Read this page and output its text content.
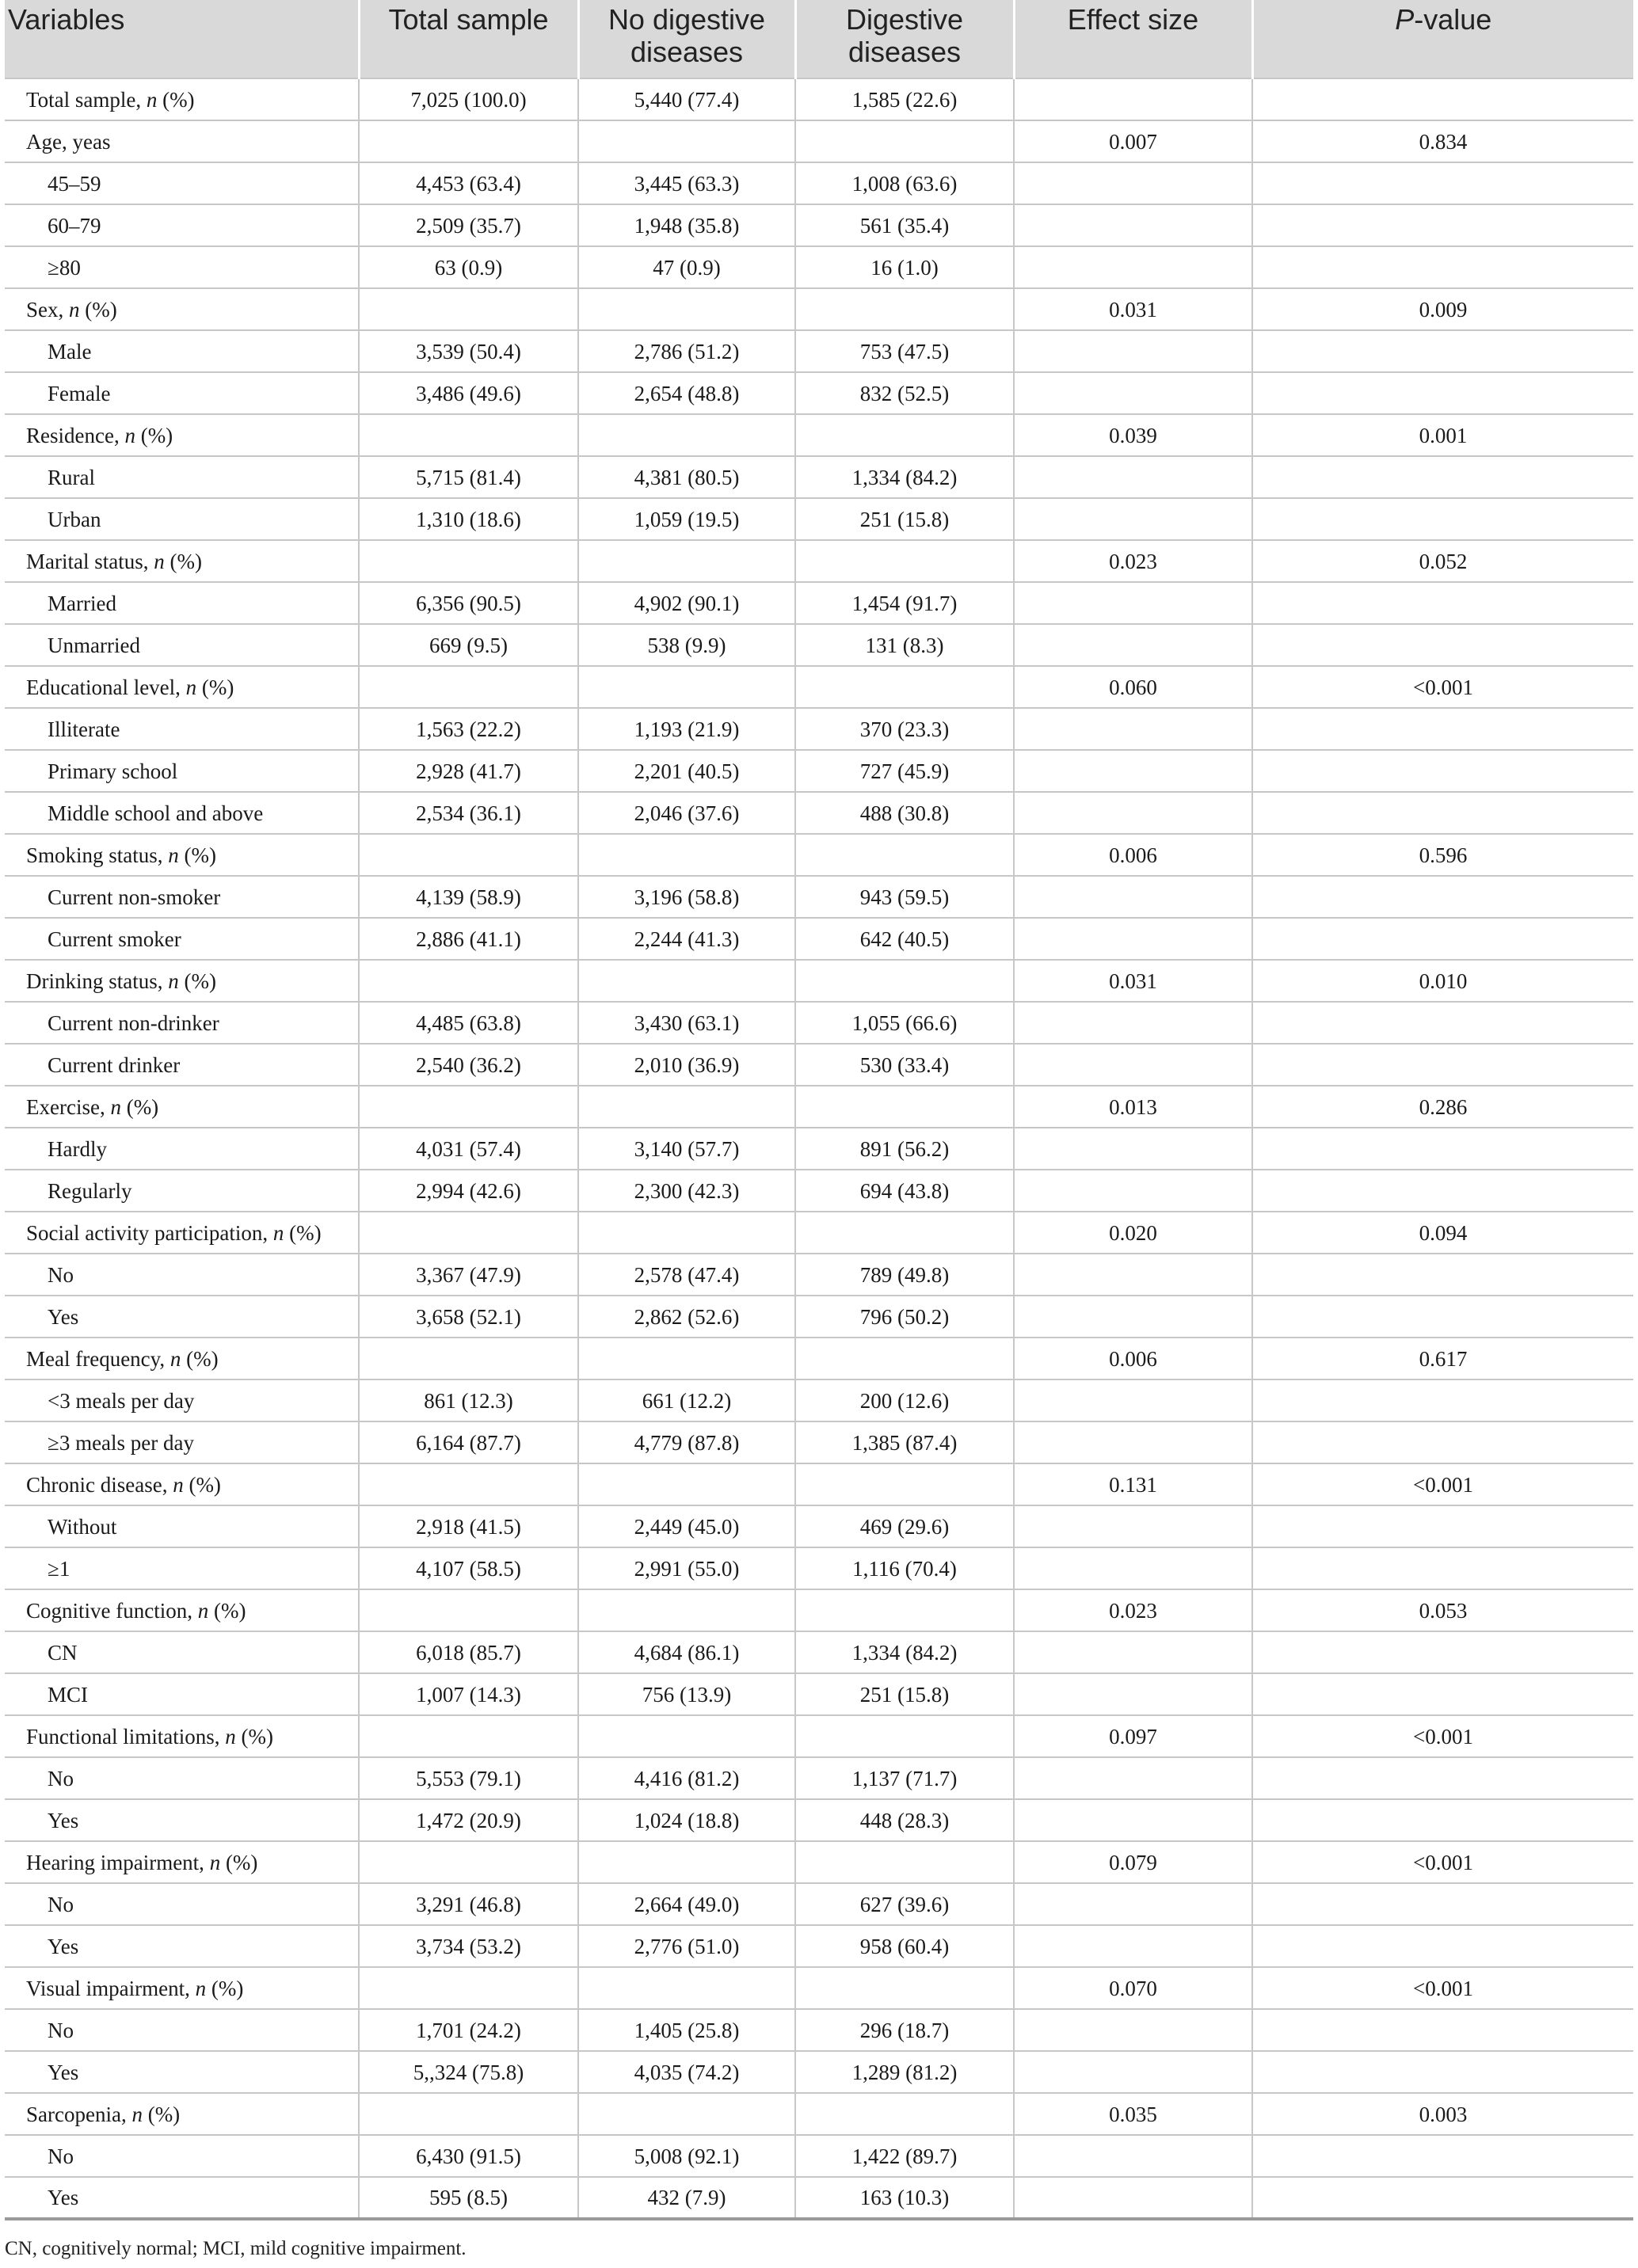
Variables	Total sample	No digestive diseases	Digestive diseases	Effect size	P-value
Total sample, n (%)	7,025 (100.0)	5,440 (77.4)	1,585 (22.6)		
Age, yeas				0.007	0.834
45–59	4,453 (63.4)	3,445 (63.3)	1,008 (63.6)		
60–79	2,509 (35.7)	1,948 (35.8)	561 (35.4)		
≥80	63 (0.9)	47 (0.9)	16 (1.0)		
Sex, n (%)				0.031	0.009
Male	3,539 (50.4)	2,786 (51.2)	753 (47.5)		
Female	3,486 (49.6)	2,654 (48.8)	832 (52.5)		
Residence, n (%)				0.039	0.001
Rural	5,715 (81.4)	4,381 (80.5)	1,334 (84.2)		
Urban	1,310 (18.6)	1,059 (19.5)	251 (15.8)		
Marital status, n (%)				0.023	0.052
Married	6,356 (90.5)	4,902 (90.1)	1,454 (91.7)		
Unmarried	669 (9.5)	538 (9.9)	131 (8.3)		
Educational level, n (%)				0.060	<0.001
Illiterate	1,563 (22.2)	1,193 (21.9)	370 (23.3)		
Primary school	2,928 (41.7)	2,201 (40.5)	727 (45.9)		
Middle school and above	2,534 (36.1)	2,046 (37.6)	488 (30.8)		
Smoking status, n (%)				0.006	0.596
Current non-smoker	4,139 (58.9)	3,196 (58.8)	943 (59.5)		
Current smoker	2,886 (41.1)	2,244 (41.3)	642 (40.5)		
Drinking status, n (%)				0.031	0.010
Current non-drinker	4,485 (63.8)	3,430 (63.1)	1,055 (66.6)		
Current drinker	2,540 (36.2)	2,010 (36.9)	530 (33.4)		
Exercise, n (%)				0.013	0.286
Hardly	4,031 (57.4)	3,140 (57.7)	891 (56.2)		
Regularly	2,994 (42.6)	2,300 (42.3)	694 (43.8)		
Social activity participation, n (%)				0.020	0.094
No	3,367 (47.9)	2,578 (47.4)	789 (49.8)		
Yes	3,658 (52.1)	2,862 (52.6)	796 (50.2)		
Meal frequency, n (%)				0.006	0.617
<3 meals per day	861 (12.3)	661 (12.2)	200 (12.6)		
≥3 meals per day	6,164 (87.7)	4,779 (87.8)	1,385 (87.4)		
Chronic disease, n (%)				0.131	<0.001
Without	2,918 (41.5)	2,449 (45.0)	469 (29.6)		
≥1	4,107 (58.5)	2,991 (55.0)	1,116 (70.4)		
Cognitive function, n (%)				0.023	0.053
CN	6,018 (85.7)	4,684 (86.1)	1,334 (84.2)		
MCI	1,007 (14.3)	756 (13.9)	251 (15.8)		
Functional limitations, n (%)				0.097	<0.001
No	5,553 (79.1)	4,416 (81.2)	1,137 (71.7)		
Yes	1,472 (20.9)	1,024 (18.8)	448 (28.3)		
Hearing impairment, n (%)				0.079	<0.001
No	3,291 (46.8)	2,664 (49.0)	627 (39.6)		
Yes	3,734 (53.2)	2,776 (51.0)	958 (60.4)		
Visual impairment, n (%)				0.070	<0.001
No	1,701 (24.2)	1,405 (25.8)	296 (18.7)		
Yes	5,,324 (75.8)	4,035 (74.2)	1,289 (81.2)		
Sarcopenia, n (%)				0.035	0.003
No	6,430 (91.5)	5,008 (92.1)	1,422 (89.7)		
Yes	595 (8.5)	432 (7.9)	163 (10.3)		
CN, cognitively normal; MCI, mild cognitive impairment.
